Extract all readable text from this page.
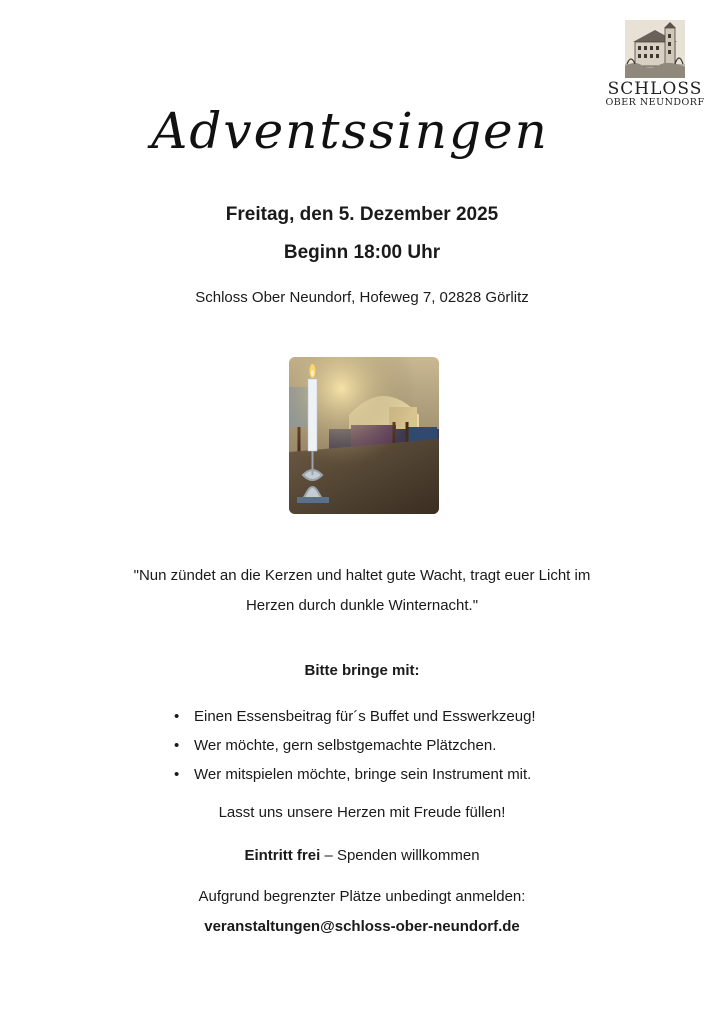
SCHLOSS
OBER NEUNDORF
Adventssingen
Freitag, den 5. Dezember 2025
Beginn 18:00 Uhr
Schloss Ober Neundorf, Hofeweg 7, 02828 Görlitz
"Nun zündet an die Kerzen und haltet gute Wacht, tragt euer Licht im
Herzen durch dunkle Winternacht."
Bitte bringe mit:
• Einen Essensbeitrag für´s Buffet und Esswerkzeug!
• Wer möchte, gern selbstgemachte Plätzchen.
• Wer mitspielen möchte, bringe sein Instrument mit.
Lasst uns unsere Herzen mit Freude füllen!
Eintritt frei – Spenden willkommen
Aufgrund begrenzter Plätze unbedingt anmelden:
veranstaltungen@schloss-ober-neundorf.de
